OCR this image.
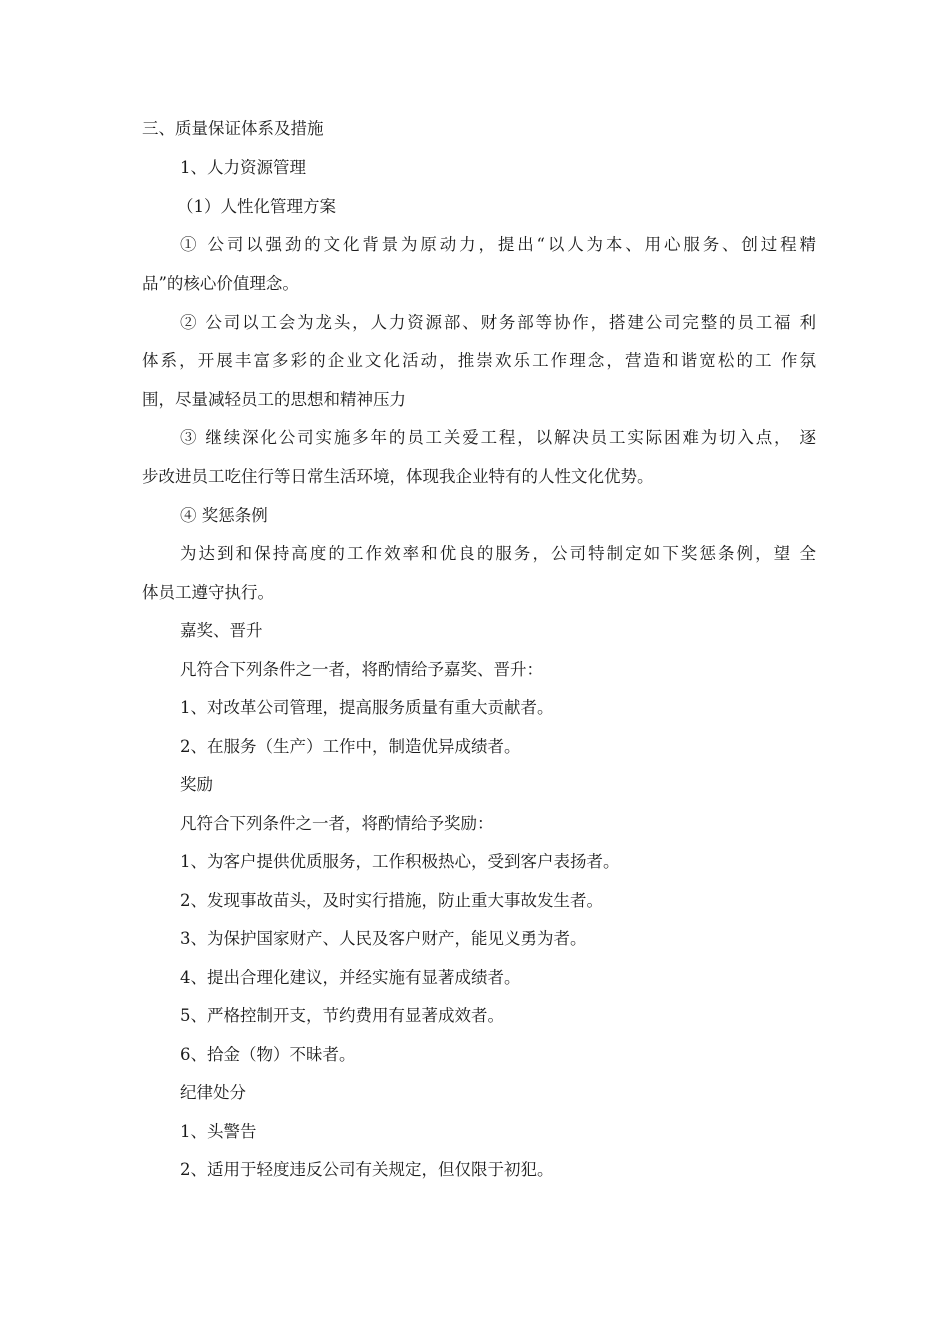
三、质量保证体系及措施

1、人力资源管理

（1）人性化管理方案

① 公司以强劲的文化背景为原动力，提出“以人为本、用心服务、创过程精

品”的核心价值理念。

② 公司以工会为龙头，人力资源部、财务部等协作，搭建公司完整的员工福 利

体系，开展丰富多彩的企业文化活动，推崇欢乐工作理念，营造和谐宽松的工 作氛

围，尽量减轻员工的思想和精神压力

③ 继续深化公司实施多年的员工关爱工程，以解决员工实际困难为切入点， 逐

步改进员工吃住行等日常生活环境，体现我企业特有的人性文化优势。

④ 奖惩条例

为达到和保持高度的工作效率和优良的服务，公司特制定如下奖惩条例，望 全

体员工遵守执行。

嘉奖、晋升

凡符合下列条件之一者，将酌情给予嘉奖、晋升：

1、对改革公司管理，提高服务质量有重大贡献者。

2、在服务（生产）工作中，制造优异成绩者。

奖励

凡符合下列条件之一者，将酌情给予奖励：

1、为客户提供优质服务，工作积极热心，受到客户表扬者。

2、发现事故苗头，及时实行措施，防止重大事故发生者。

3、为保护国家财产、人民及客户财产，能见义勇为者。

4、提出合理化建议，并经实施有显著成绩者。

5、严格控制开支，节约费用有显著成效者。

6、拾金（物）不昧者。

纪律处分

1、头警告

2、适用于轻度违反公司有关规定，但仅限于初犯。
